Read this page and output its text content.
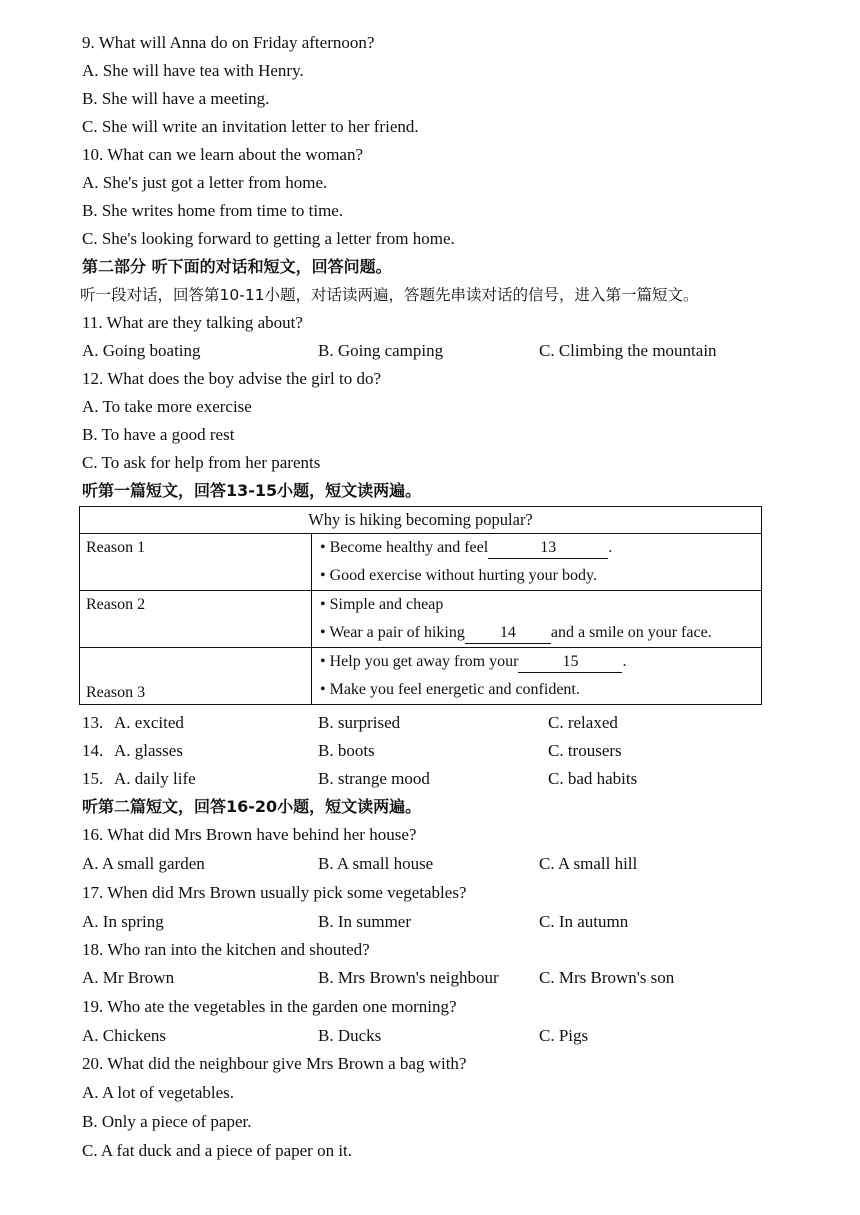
9. What will Anna do on Friday afternoon?
A. She will have tea with Henry.
B. She will have a meeting.
C. She will write an invitation letter to her friend.
10. What can we learn about the woman?
A. She's just got a letter from home.
B. She writes home from time to time.
C. She's looking forward to getting a letter from home.
第二部分 听下面的对话和短文，回答问题。
听一段对话，回答第10-11小题，对话读两遍，答题先串读对话的信号，进入第一篇短文。
11. What are they talking about?
A. Going boating	B. Going camping	C. Climbing the mountain
12. What does the boy advise the girl to do?
A. To take more exercise
B. To have a good rest
C. To ask for help from her parents
听第一篇短文，回答13-15小题，短文读两遍。
Why is hiking becoming popular?	

Reason 1	• Become healthy and feel 13 .
• Good exercise without hurting your body.

Reason 2	• Simple and cheap
• Wear a pair of hiking 14 and a smile on your face.

Reason 3	• Help you get away from your 15 .
• Make you feel energetic and confident.
13. A. excited	B. surprised	C. relaxed
14. A. glasses	B. boots	C. trousers
15. A. daily life	B. strange mood	C. bad habits
听第二篇短文，回答16-20小题，短文读两遍。
16. What did Mrs Brown have behind her house?
A. A small garden	B. A small house	C. A small hill
17. When did Mrs Brown usually pick some vegetables?
A. In spring	B. In summer	C. In autumn
18. Who ran into the kitchen and shouted?
A. Mr Brown	B. Mrs Brown's neighbour C. Mrs Brown's son
19. Who ate the vegetables in the garden one morning?
A. Chickens	B. Ducks	C. Pigs
20. What did the neighbour give Mrs Brown a bag with?
A. A lot of vegetables.
B. Only a piece of paper.
C. A fat duck and a piece of paper on it.
